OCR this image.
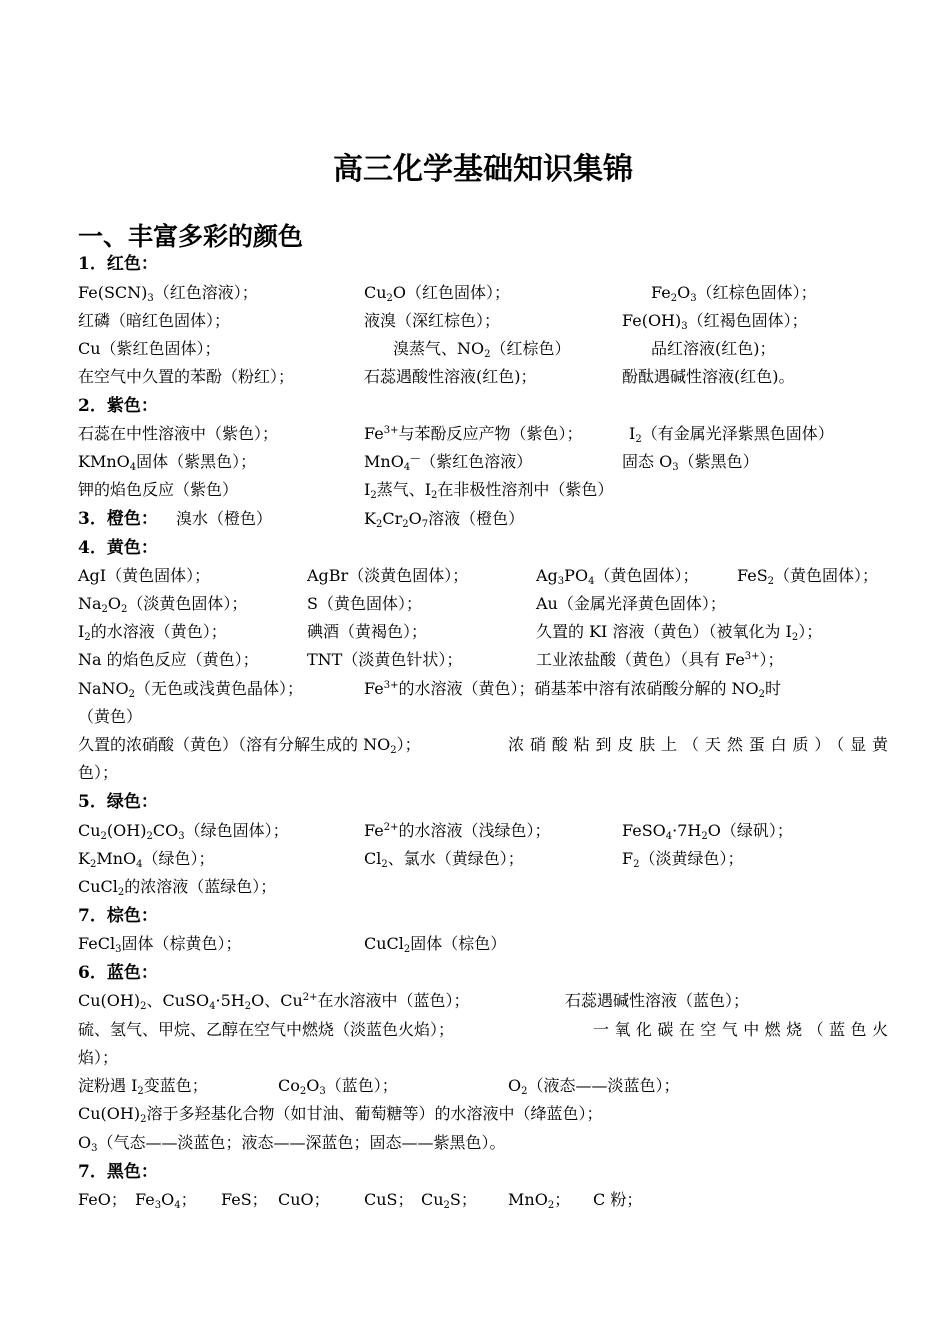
高三化学基础知识集锦
一、丰富多彩的颜色
1．红色：
$Fe(SCN)_3$（红色溶液）；	$Cu_2O$（红色固体）；	$Fe_2O_3$（红棕色固体）；
红磷（暗红色固体）；	液溴（深红棕色）；	$Fe(OH)_3$（红褐色固体）；
Cu（紫红色固体）；	溴蒸气、$NO_2$（红棕色）	品红溶液(红色)；
在空气中久置的苯酚（粉红）；	石蕊遇酸性溶液(红色)；	酚酞遇碱性溶液(红色)。
2．紫色：
石蕊在中性溶液中（紫色）；	$Fe^{3+}$与苯酚反应产物（紫色）；	$I_2$（有金属光泽紫黑色固体）
KMnO$_4$固体（紫黑色）；	MnO$_4$—（紫红色溶液）	固态 $O_3$（紫黑色）
钾的焰色反应（紫色）	$I_2$蒸气、$I_2$在非极性溶剂中（紫色）
3．橙色： 溴水（橙色）	$K_2Cr_2O_7$溶液（橙色）
4．黄色：
AgI（黄色固体）；	AgBr（淡黄色固体）；	$Ag_3PO_4$（黄色固体）； FeS$_2$（黄色固体）；
$Na_2O_2$（淡黄色固体）；	S（黄色固体）；	Au（金属光泽黄色固体）；
$I_2$的水溶液（黄色）；	碘酒（黄褐色）；	久置的 KI 溶液（黄色）（被氧化为 $I_2$）；
Na 的焰色反应（黄色）；	TNT（淡黄色针状）；	工业浓盐酸（黄色）（具有 $Fe^{3+}$）；
NaNO$_2$（无色或浅黄色晶体）；	$Fe^{3+}$的水溶液（黄色）；硝基苯中溶有浓硝酸分解的 $NO_2$时
（黄色）
久置的浓硝酸（黄色）（溶有分解生成的 $NO_2$）；	浓硝酸粘到皮肤上（天然蛋白质）（显黄
色）；
5．绿色：
$Cu_2(OH)_2CO_3$（绿色固体）；	$Fe^{2+}$的水溶液（浅绿色）；	$FeSO_4\cdot 7H_2O$（绿矾）；
$K_2MnO_4$（绿色）；	$Cl_2$、氯水（黄绿色）；	$F_2$（淡黄绿色）；
CuCl$_2$的浓溶液（蓝绿色）；
7．棕色：
FeCl$_3$固体（棕黄色）；	CuCl$_2$固体（棕色）
6．蓝色：
$Cu(OH)_2$、$CuSO_4\cdot 5H_2O$、$Cu^{2+}$在水溶液中（蓝色）；	石蕊遇碱性溶液（蓝色）；
硫、氢气、甲烷、乙醇在空气中燃烧（淡蓝色火焰）；	一氧化碳在空气中燃烧（蓝色火
焰）；
淀粉遇 $I_2$变蓝色；	$Co_2O_3$（蓝色）；	$O_2$（液态——淡蓝色）；
$Cu(OH)_2$溶于多羟基化合物（如甘油、葡萄糖等）的水溶液中（绛蓝色）；
$O_3$（气态——淡蓝色；液态——深蓝色；固态——紫黑色）。
7．黑色：
FeO； $Fe_3O_4$； FeS； CuO； CuS； $Cu_2S$； MnO$_2$； C 粉；
